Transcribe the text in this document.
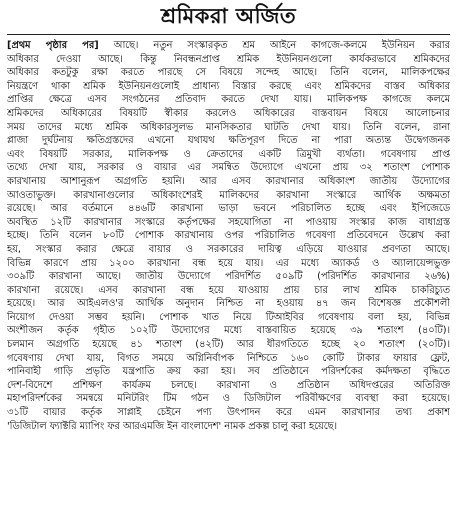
শ্রমিকরা অর্জিত
[প্রথম পৃষ্ঠার পর] আছে। নতুন সংস্কারকৃত শ্রম আইনে কাগজে-কলমে ইউনিয়ন করার
অধিকার দেওয়া আছে। কিন্তু নিবন্ধনপ্রাপ্ত শ্রমিক ইউনিয়নগুলো কার্যকরভাবে শ্রমিকদের
অধিকার কতটুকু রক্ষা করতে পারছে সে বিষয়ে সন্দেহ আছে। তিনি বলেন, মালিকপক্ষের
নিয়ন্ত্রণে থাকা শ্রমিক ইউনিয়নগুলোই প্রাধান্য বিস্তার করছে এবং শ্রমিকদের বাস্তব অধিকার
প্রাপ্তির ক্ষেত্রে এসব সংগঠনের প্রতিবাদ করতে দেখা যায়। মালিকপক্ষ কাগজে কলমে
শ্রমিকদের অধিকারের বিষয়টি স্বীকার করলেও অধিকারের বাস্তবায়ন বিষয়ে আলোচনার
সময় তাদের মধ্যে শ্রমিক অধিকারসুলভ মানসিকতার ঘাটতি দেখা যায়। তিনি বলেন, রানা
প্লাজা দুর্ঘটনায় ক্ষতিগ্রস্তদের এখনো যথাযথ ক্ষতিপূরণ দিতে না পারা অত্যন্ত উদ্বেগজনক
এবং বিষয়টি সরকার, মালিকপক্ষ ও ক্রেতাদের একটি ত্রিমুখী ব্যর্থতা। গবেষণায় প্রাপ্ত
তথ্যে দেখা যায়, সরকার ও বায়ার এর সমন্বিত উদ্যোগে এখনো প্রায় ৩২ শতাংশ পোশাক
কারখানায় আশানুরূপ অগ্রগতি হয়নি। আর এসব কারখানার অধিকাংশ জাতীয় উদ্যোগের
আওতাভুক্ত। কারখানাগুলোর অধিকাংশেরই মালিকদের কারখানা সংস্কারে আর্থিক অক্ষমতা
রয়েছে। আর বর্তমানে ৪৪৬টি কারখানা ভাড়া ভবনে পরিচালিত হচ্ছে এবং ইপিজেডে
অবস্থিত ১২টি কারখানার সংস্কারে কর্তৃপক্ষের সহযোগিতা না পাওয়ায় সংস্কার কাজ বাধাগ্রস্ত
হচ্ছে। তিনি বলেন ৮০টি পোশাক কারখানায় ওপর পরিচালিত গবেষণা প্রতিবেদনে উল্লেখ করা
হয়, সংস্কার করার ক্ষেত্রে বায়ার ও সরকারের দায়িত্ব এড়িয়ে যাওয়ার প্রবণতা আছে।
বিভিন্ন কারণে প্রায় ১২০০ কারখানা বন্ধ হয়ে যায়। এর মধ্যে অ্যাকর্ড ও অ্যালায়েন্সভুক্ত
৩০৯টি কারখানা আছে। জাতীয় উদ্যোগে পরিদর্শিত ৫০৯টি (পরিদর্শিত কারখানার ২৬%)
কারখানা রয়েছে। এসব কারখানা বন্ধ হয়ে যাওয়ায় প্রায় চার লাখ শ্রমিক চাকরিচ্যুত
হয়েছে। আর আইএলও'র আর্থিক অনুদান নিশ্চিত না হওয়ায় ৪৭ জন বিশেষজ্ঞ প্রকৌশলী
নিয়োগ দেওয়া সম্ভব হয়নি। পোশাক খাত নিয়ে টিআইবির গবেষণায় বলা হয়, বিভিন্ন
অংশীজন কর্তৃক গৃহীত ১০২টি উদ্যোগের মধ্যে বাস্তবায়িত হয়েছে ৩৯ শতাংশ (৪০টি)।
চলমান অগ্রগতি হয়েছে ৪১ শতাংশ (৪২টি) আর ধীরগতিতে হচ্ছে ২০ শতাংশ (২০টি)।
গবেষণায় দেখা যায়, বিগত সময়ে অগ্নিনির্বাপক নিশ্চিতে ১৬০ কোটি টাকার ফায়ার ফ্লেট,
পানিবাহী গাড়ি প্রভৃতি যন্ত্রপাতি ক্রয় করা হয়। সব প্রতিষ্ঠানে পরিদর্শকের কর্মদক্ষতা বৃদ্ধিতে
দেশ-বিদেশে প্রশিক্ষণ কার্যক্রম চলছে। কারখানা ও প্রতিষ্ঠান অধিদপ্তরের অতিরিক্ত
মহাপরিদর্শকের সমন্বয়ে মনিটরিং টিম গঠন ও ডিজিটাল পরিবীক্ষণের ব্যবস্থা করা হয়েছে।
৩১টি বায়ার কর্তৃক সাপ্লাই চেইনে পণ্য উৎপাদন করে এমন কারখানার তথ্য প্রকাশ
'ডিজিটাল ফ্যাক্টরি ম্যাপিং ফর আরএমজি ইন বাংলাদেশ' নামক প্রকল্প চালু করা হয়েছে।
